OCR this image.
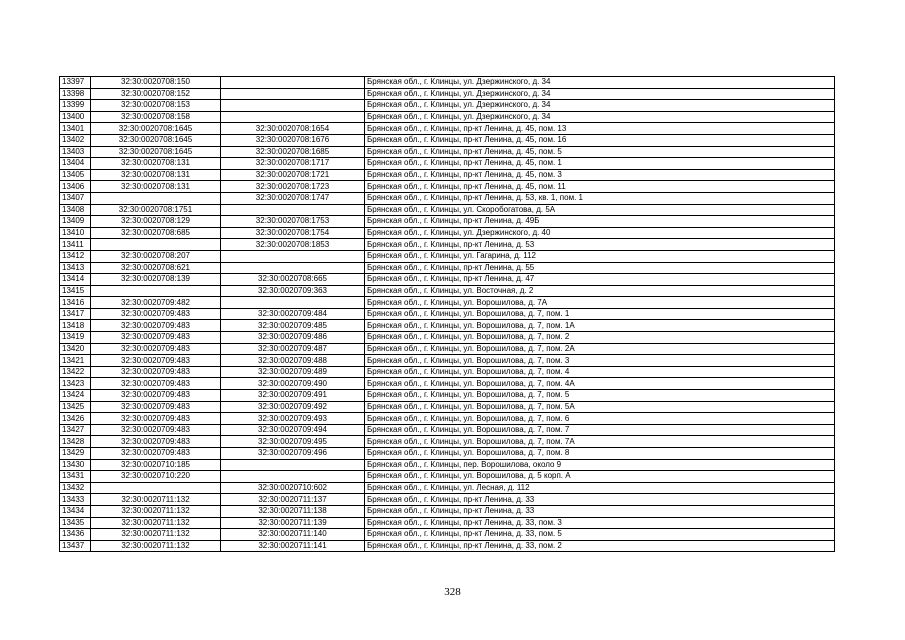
13397	32:30:0020708:150		Брянская обл., г. Клинцы, ул. Дзержинского, д. 34
13398	32:30:0020708:152		Брянская обл., г. Клинцы, ул. Дзержинского, д. 34
13399	32:30:0020708:153		Брянская обл., г. Клинцы, ул. Дзержинского, д. 34
13400	32:30:0020708:158		Брянская обл., г. Клинцы, ул. Дзержинского, д. 34
13401	32:30:0020708:1645	32:30:0020708:1654	Брянская обл., г. Клинцы, пр-кт Ленина, д. 45, пом. 13
13402	32:30:0020708:1645	32:30:0020708:1676	Брянская обл., г. Клинцы, пр-кт Ленина, д. 45, пом. 16
13403	32:30:0020708:1645	32:30:0020708:1685	Брянская обл., г. Клинцы, пр-кт Ленина, д. 45, пом. 5
13404	32:30:0020708:131	32:30:0020708:1717	Брянская обл., г. Клинцы, пр-кт Ленина, д. 45, пом. 1
13405	32:30:0020708:131	32:30:0020708:1721	Брянская обл., г. Клинцы, пр-кт Ленина, д. 45, пом. 3
13406	32:30:0020708:131	32:30:0020708:1723	Брянская обл., г. Клинцы, пр-кт Ленина, д. 45, пом. 11
13407		32:30:0020708:1747	Брянская обл., г. Клинцы, пр-кт Ленина, д. 53, кв. 1, пом. 1
13408	32:30:0020708:1751		Брянская обл., г. Клинцы, ул. Скоробогатова, д. 5А
13409	32:30:0020708:129	32:30:0020708:1753	Брянская обл., г. Клинцы, пр-кт Ленина, д. 49Б
13410	32:30:0020708:685	32:30:0020708:1754	Брянская обл., г. Клинцы, ул. Дзержинского, д. 40
13411		32:30:0020708:1853	Брянская обл., г. Клинцы, пр-кт Ленина, д. 53
13412	32:30:0020708:207		Брянская обл., г. Клинцы, ул. Гагарина, д. 112
13413	32:30:0020708:621		Брянская обл., г. Клинцы, пр-кт Ленина, д. 55
13414	32:30:0020708:139	32:30:0020708:665	Брянская обл., г. Клинцы, пр-кт Ленина, д. 47
13415		32:30:0020709:363	Брянская обл., г. Клинцы, ул. Восточная, д. 2
13416	32:30:0020709:482		Брянская обл., г. Клинцы, ул. Ворошилова, д. 7А
13417	32:30:0020709:483	32:30:0020709:484	Брянская обл., г. Клинцы, ул. Ворошилова, д. 7, пом. 1
13418	32:30:0020709:483	32:30:0020709:485	Брянская обл., г. Клинцы, ул. Ворошилова, д. 7, пом. 1А
13419	32:30:0020709:483	32:30:0020709:486	Брянская обл., г. Клинцы, ул. Ворошилова, д. 7, пом. 2
13420	32:30:0020709:483	32:30:0020709:487	Брянская обл., г. Клинцы, ул. Ворошилова, д. 7, пом. 2А
13421	32:30:0020709:483	32:30:0020709:488	Брянская обл., г. Клинцы, ул. Ворошилова, д. 7, пом. 3
13422	32:30:0020709:483	32:30:0020709:489	Брянская обл., г. Клинцы, ул. Ворошилова, д. 7, пом. 4
13423	32:30:0020709:483	32:30:0020709:490	Брянская обл., г. Клинцы, ул. Ворошилова, д. 7, пом. 4А
13424	32:30:0020709:483	32:30:0020709:491	Брянская обл., г. Клинцы, ул. Ворошилова, д. 7, пом. 5
13425	32:30:0020709:483	32:30:0020709:492	Брянская обл., г. Клинцы, ул. Ворошилова, д. 7, пом. 5А
13426	32:30:0020709:483	32:30:0020709:493	Брянская обл., г. Клинцы, ул. Ворошилова, д. 7, пом. 6
13427	32:30:0020709:483	32:30:0020709:494	Брянская обл., г. Клинцы, ул. Ворошилова, д. 7, пом. 7
13428	32:30:0020709:483	32:30:0020709:495	Брянская обл., г. Клинцы, ул. Ворошилова, д. 7, пом. 7А
13429	32:30:0020709:483	32:30:0020709:496	Брянская обл., г. Клинцы, ул. Ворошилова, д. 7, пом. 8
13430	32:30:0020710:185		Брянская обл., г. Клинцы, пер. Ворошилова, около 9
13431	32:30:0020710:220		Брянская обл., г. Клинцы, ул. Ворошилова, д. 5 корп. А
13432		32:30:0020710:602	Брянская обл., г. Клинцы, ул. Лесная, д. 112
13433	32:30:0020711:132	32:30:0020711:137	Брянская обл., г. Клинцы, пр-кт Ленина, д. 33
13434	32:30:0020711:132	32:30:0020711:138	Брянская обл., г. Клинцы, пр-кт Ленина, д. 33
13435	32:30:0020711:132	32:30:0020711:139	Брянская обл., г. Клинцы, пр-кт Ленина, д. 33, пом. 3
13436	32:30:0020711:132	32:30:0020711:140	Брянская обл., г. Клинцы, пр-кт Ленина, д. 33, пом. 5
13437	32:30:0020711:132	32:30:0020711:141	Брянская обл., г. Клинцы, пр-кт Ленина, д. 33, пом. 2
328
